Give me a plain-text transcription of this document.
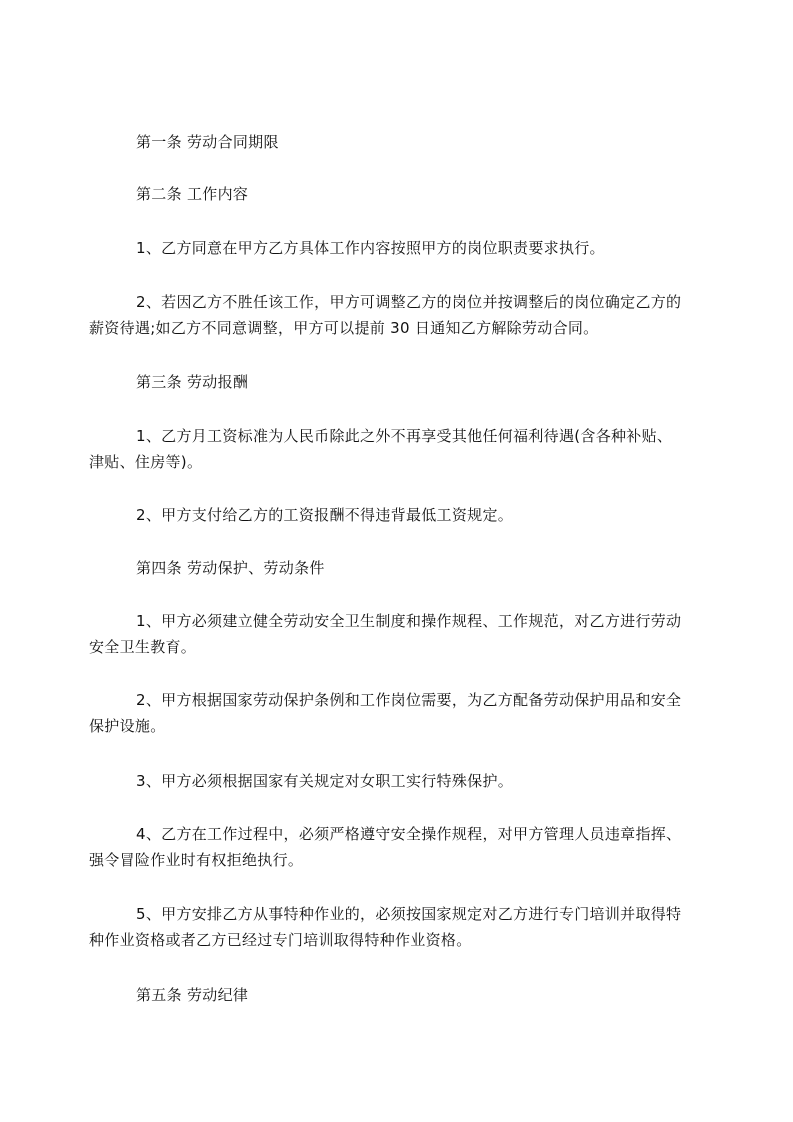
第一条 劳动合同期限
第二条 工作内容
1、乙方同意在甲方乙方具体工作内容按照甲方的岗位职责要求执行。
2、若因乙方不胜任该工作，甲方可调整乙方的岗位并按调整后的岗位确定乙方的
薪资待遇;如乙方不同意调整，甲方可以提前 30 日通知乙方解除劳动合同。
第三条 劳动报酬
1、乙方月工资标准为人民币除此之外不再享受其他任何福利待遇(含各种补贴、
津贴、住房等)。
2、甲方支付给乙方的工资报酬不得违背最低工资规定。
第四条 劳动保护、劳动条件
1、甲方必须建立健全劳动安全卫生制度和操作规程、工作规范，对乙方进行劳动
安全卫生教育。
2、甲方根据国家劳动保护条例和工作岗位需要，为乙方配备劳动保护用品和安全
保护设施。
3、甲方必须根据国家有关规定对女职工实行特殊保护。
4、乙方在工作过程中，必须严格遵守安全操作规程，对甲方管理人员违章指挥、
强令冒险作业时有权拒绝执行。
5、甲方安排乙方从事特种作业的，必须按国家规定对乙方进行专门培训并取得特
种作业资格或者乙方已经过专门培训取得特种作业资格。
第五条 劳动纪律
